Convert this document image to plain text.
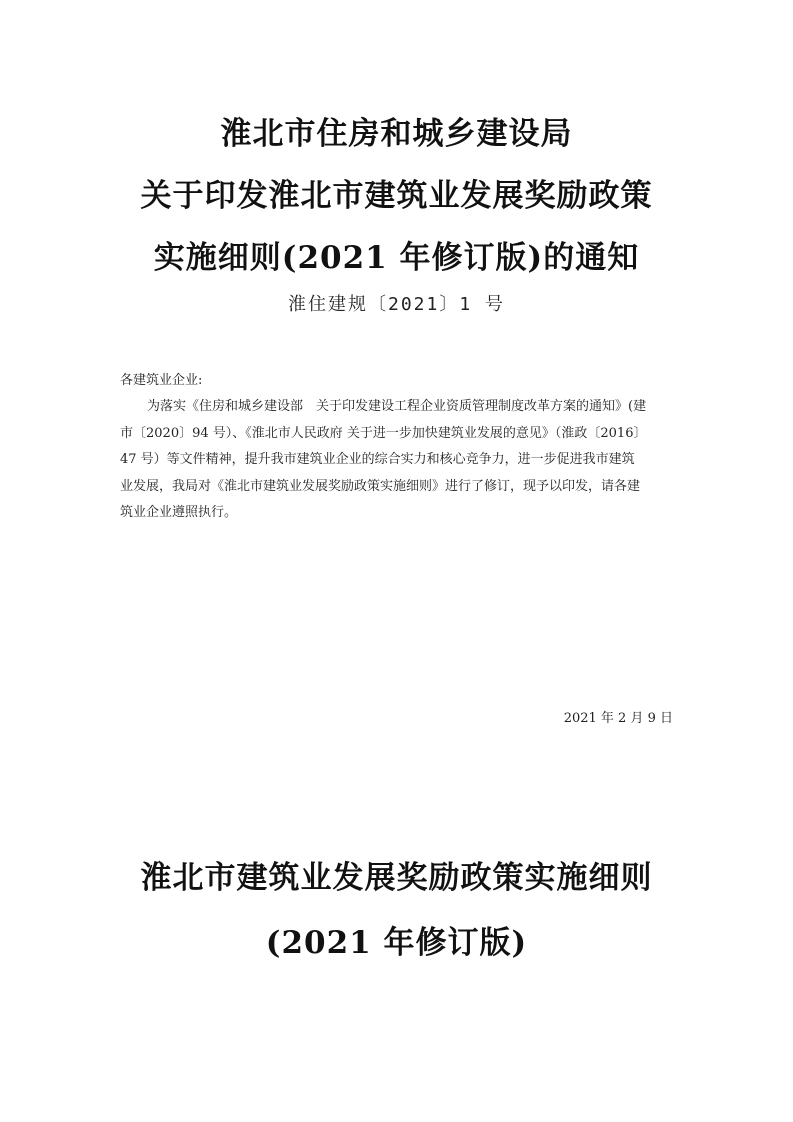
淮北市住房和城乡建设局
关于印发淮北市建筑业发展奖励政策
实施细则(2021 年修订版)的通知
淮住建规〔2021〕1 号
各建筑业企业:
为落实《住房和城乡建设部　关于印发建设工程企业资质管理制度改革方案的通知》(建
市〔2020〕94 号）、《淮北市人民政府 关于进一步加快建筑业发展的意见》（淮政〔2016〕
47 号）等文件精神，提升我市建筑业企业的综合实力和核心竞争力，进一步促进我市建筑
业发展，我局对《淮北市建筑业发展奖励政策实施细则》进行了修订，现予以印发，请各建
筑业企业遵照执行。
2021 年 2 月 9 日
淮北市建筑业发展奖励政策实施细则
(2021 年修订版)
